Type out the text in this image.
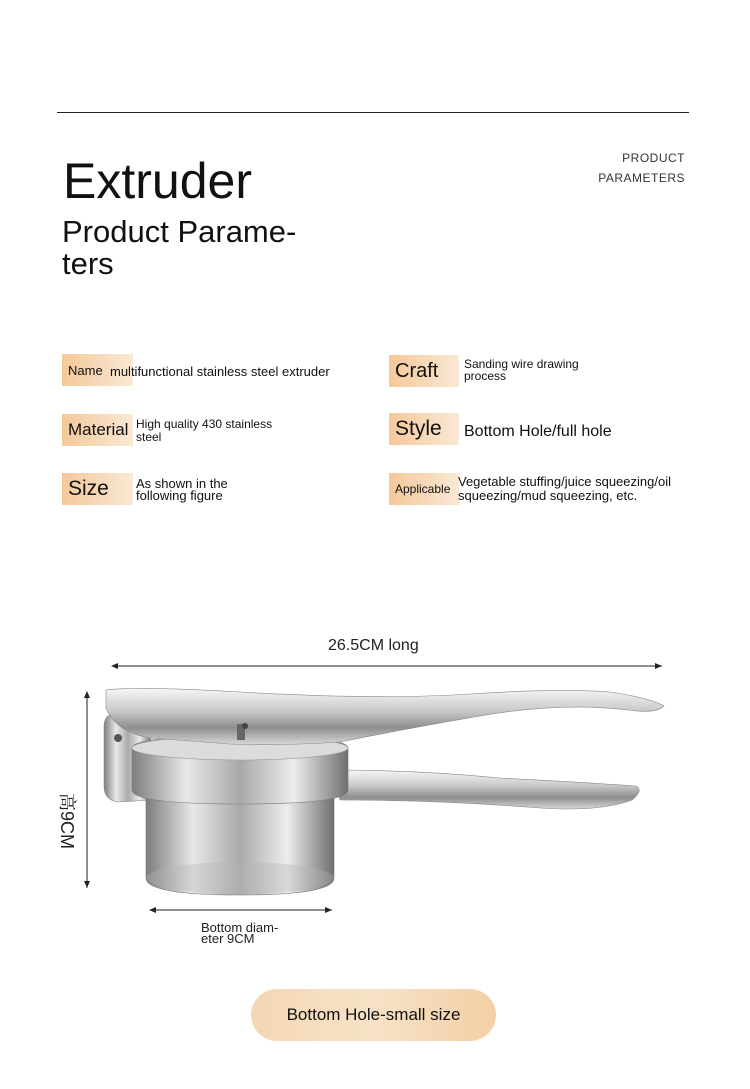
Extruder
Product Parame-
ters
PRODUCT
PARAMETERS
Name multifunctional stainless steel extruder	Craft	Sanding wire drawing process
Material High quality 430 stainless steel	Style	Bottom Hole/full hole
Size	As shown in the following figure	Applicable Vegetable stuffing/juice squeezing/oil squeezing/mud squeezing, etc.
26.5CM long
高9CM
Bottom diam-
eter 9CM
Bottom Hole-small size
